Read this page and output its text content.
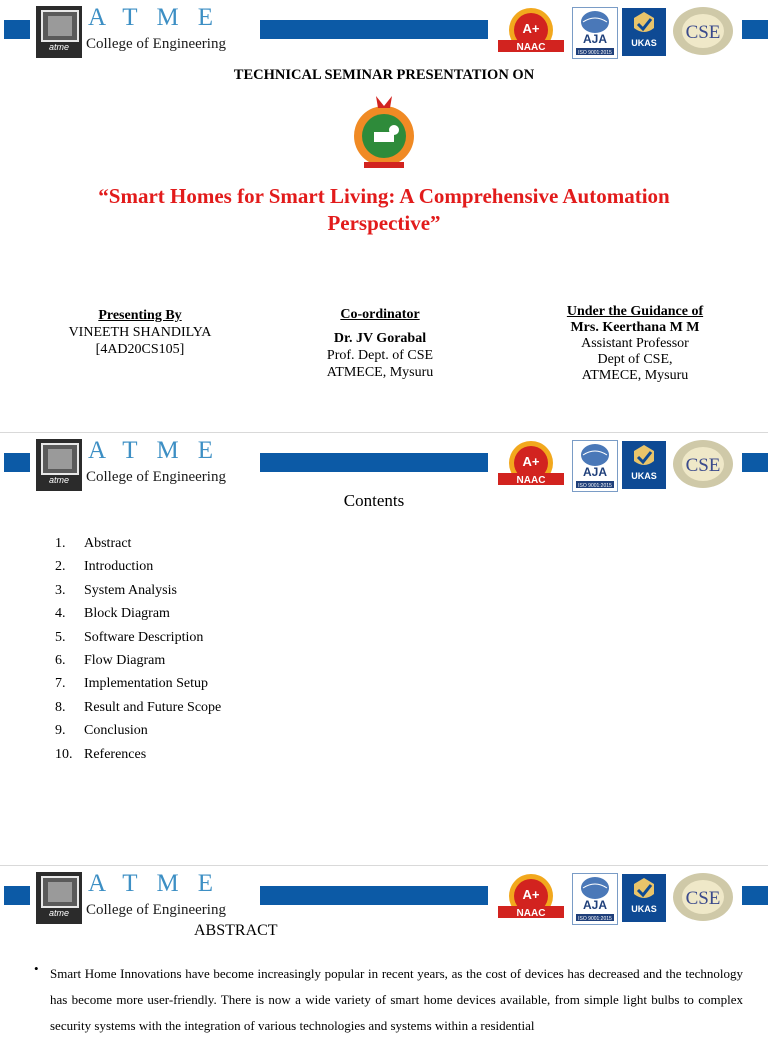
atme
ATME
College of Engineering
A+
NAAC
AJA
ISO 9001:2015
UKAS CSE
TECHNICAL SEMINAR PRESENTATION ON
“Smart Homes for Smart Living: A Comprehensive Automation
Perspective”
Presenting By
VINEETH SHANDILYA
[4AD20CS105]
Co-ordinator
Dr. JV Gorabal
Prof. Dept. of CSE
ATMECE, Mysuru
Under the Guidance of
Mrs. Keerthana M M
Assistant Professor
Dept of CSE,
ATMECE, Mysuru
atme
ATME
College of Engineering
A+
NAAC
AJA
ISO 9001:2015
UKAS CSE
Contents
1.	Abstract
2.	Introduction
3.	System Analysis
4.	Block Diagram
5.	Software Description
6.	Flow Diagram
7.	Implementation Setup
8.	Result and Future Scope
9.	Conclusion
10. References
atme
ATME
College of Engineering
A+
NAAC
AJA
ISO 9001:2015
UKAS CSE
ABSTRACT
• Smart Home Innovations have become increasingly popular in recent years, as the cost of devices has decreased and the technology has become more user-friendly. There is now a wide variety of smart home devices available, from simple light bulbs to complex security systems with the integration of various technologies and systems within a residential
